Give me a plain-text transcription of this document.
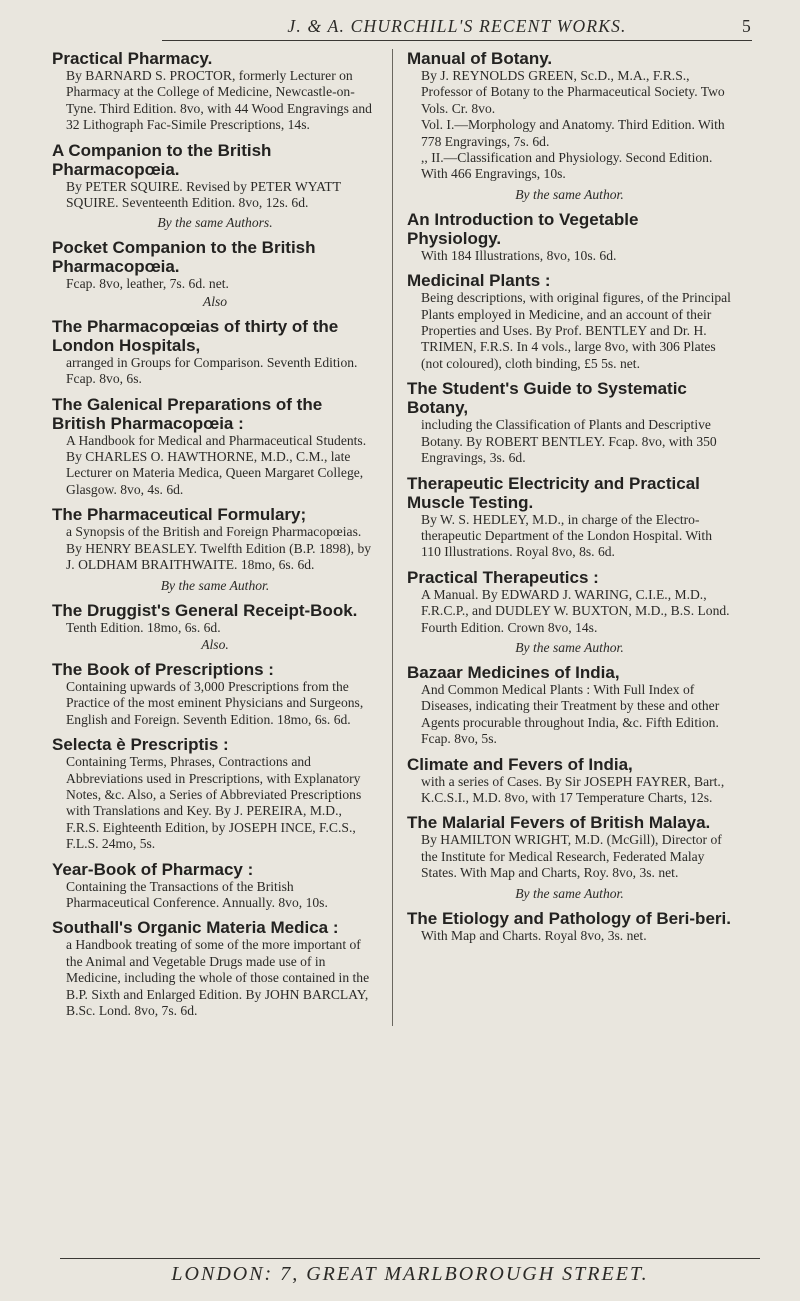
J. & A. CHURCHILL'S RECENT WORKS.	5
Practical Pharmacy.

By BARNARD S. PROCTOR, formerly Lecturer on Pharmacy at the College of Medicine, Newcastle-on-Tyne. Third Edition. 8vo, with 44 Wood Engravings and 32 Lithograph Fac-Simile Prescriptions, 14s.

A Companion to the British Pharmacopœia.

By PETER SQUIRE. Revised by PETER WYATT SQUIRE. Seventeenth Edition. 8vo, 12s. 6d.

By the same Authors.
Pocket Companion to the British Pharmacopœia.

Fcap. 8vo, leather, 7s. 6d. net.

Also
The Pharmacopœias of thirty of the London Hospitals,

arranged in Groups for Comparison. Seventh Edition. Fcap. 8vo, 6s.

The Galenical Preparations of the British Pharmacopœia :

A Handbook for Medical and Pharmaceutical Students. By CHARLES O. HAWTHORNE, M.D., C.M., late Lecturer on Materia Medica, Queen Margaret College, Glasgow. 8vo, 4s. 6d.

The Pharmaceutical Formulary;

a Synopsis of the British and Foreign Pharmacopœias. By HENRY BEASLEY. Twelfth Edition (B.P. 1898), by J. OLDHAM BRAITHWAITE. 18mo, 6s. 6d.

By the same Author.
The Druggist's General Receipt-Book.

Tenth Edition. 18mo, 6s. 6d.

Also.
The Book of Prescriptions :

Containing upwards of 3,000 Prescriptions from the Practice of the most eminent Physicians and Surgeons, English and Foreign. Seventh Edition. 18mo, 6s. 6d.

Selecta è Prescriptis :

Containing Terms, Phrases, Contractions and Abbreviations used in Prescriptions, with Explanatory Notes, &c. Also, a Series of Abbreviated Prescriptions with Translations and Key. By J. PEREIRA, M.D., F.R.S. Eighteenth Edition, by JOSEPH INCE, F.C.S., F.L.S. 24mo, 5s.

Year-Book of Pharmacy :

Containing the Transactions of the British Pharmaceutical Conference. Annually. 8vo, 10s.

Southall's Organic Materia Medica :

a Handbook treating of some of the more important of the Animal and Vegetable Drugs made use of in Medicine, including the whole of those contained in the B.P. Sixth and Enlarged Edition. By JOHN BARCLAY, B.Sc. Lond. 8vo, 7s. 6d.

Manual of Botany.

By J. REYNOLDS GREEN, Sc.D., M.A., F.R.S., Professor of Botany to the Pharmaceutical Society. Two Vols. Cr. 8vo.

Vol. I.—Morphology and Anatomy. Third Edition. With 778 Engravings, 7s. 6d.
,, II.—Classification and Physiology. Second Edition. With 466 Engravings, 10s.
By the same Author.
An Introduction to Vegetable Physiology.

With 184 Illustrations, 8vo, 10s. 6d.

Medicinal Plants :

Being descriptions, with original figures, of the Principal Plants employed in Medicine, and an account of their Properties and Uses. By Prof. BENTLEY and Dr. H. TRIMEN, F.R.S. In 4 vols., large 8vo, with 306 Plates (not coloured), cloth binding, £5 5s. net.

The Student's Guide to Systematic Botany,

including the Classification of Plants and Descriptive Botany. By ROBERT BENTLEY. Fcap. 8vo, with 350 Engravings, 3s. 6d.

Therapeutic Electricity and Practical Muscle Testing.

By W. S. HEDLEY, M.D., in charge of the Electro-therapeutic Department of the London Hospital. With 110 Illustrations. Royal 8vo, 8s. 6d.

Practical Therapeutics :

A Manual. By EDWARD J. WARING, C.I.E., M.D., F.R.C.P., and DUDLEY W. BUXTON, M.D., B.S. Lond. Fourth Edition. Crown 8vo, 14s.

By the same Author.
Bazaar Medicines of India,

And Common Medical Plants : With Full Index of Diseases, indicating their Treatment by these and other Agents procurable throughout India, &c. Fifth Edition. Fcap. 8vo, 5s.

Climate and Fevers of India,

with a series of Cases. By Sir JOSEPH FAYRER, Bart., K.C.S.I., M.D. 8vo, with 17 Temperature Charts, 12s.

The Malarial Fevers of British Malaya.

By HAMILTON WRIGHT, M.D. (McGill), Director of the Institute for Medical Research, Federated Malay States. With Map and Charts, Roy. 8vo, 3s. net.

By the same Author.
The Etiology and Pathology of Beri-beri.

With Map and Charts. Royal 8vo, 3s. net.

LONDON: 7, GREAT MARLBOROUGH STREET.
